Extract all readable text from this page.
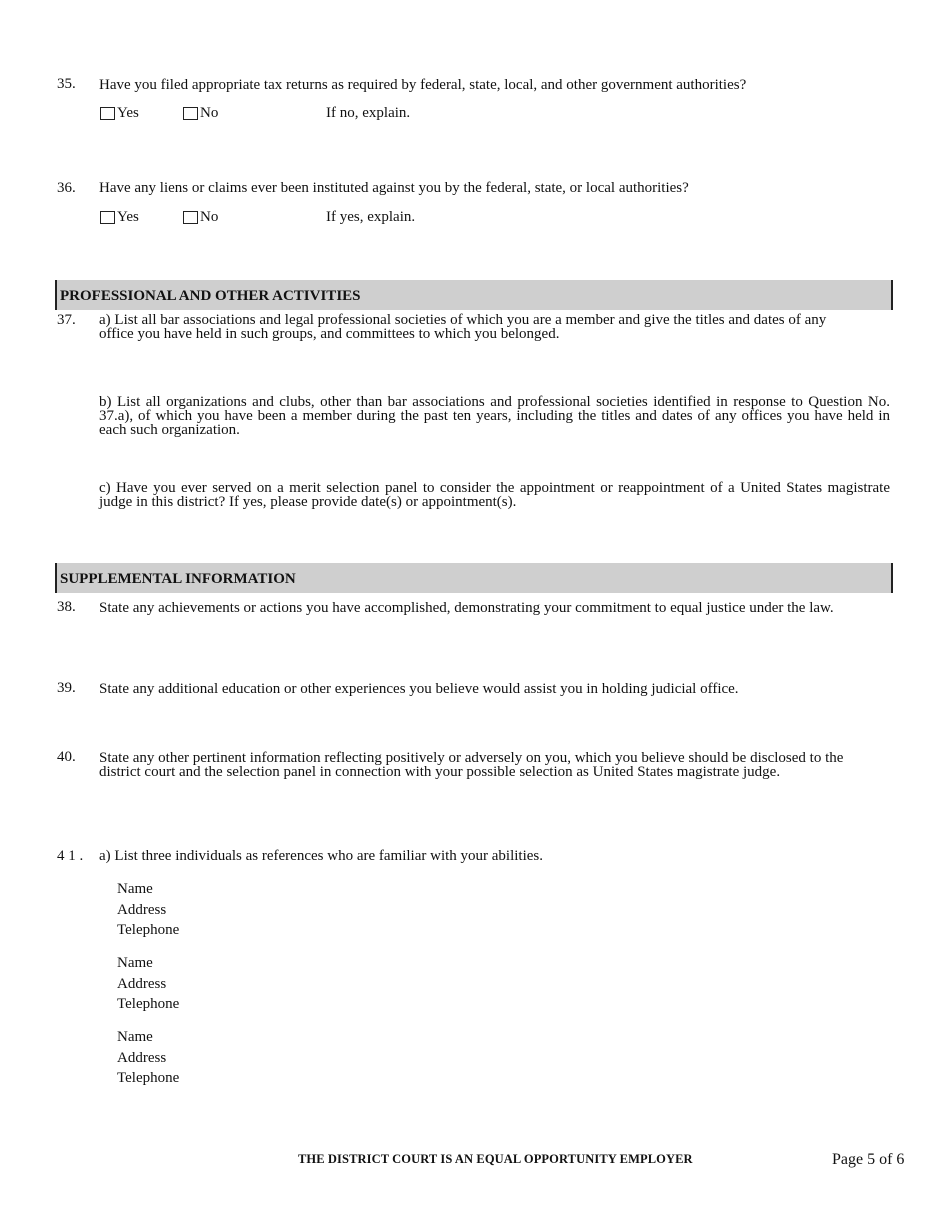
35. Have you filed appropriate tax returns as required by federal, state, local, and other government authorities?
Yes	No	If no, explain.
36. Have any liens or claims ever been instituted against you by the federal, state, or local authorities?
Yes	No	If yes, explain.
PROFESSIONAL AND OTHER ACTIVITIES
37. a) List all bar associations and legal professional societies of which you are a member and give the titles and dates of any office you have held in such groups, and committees to which you belonged.
b) List all organizations and clubs, other than bar associations and professional societies identified in response to Question No. 37.a), of which you have been a member during the past ten years, including the titles and dates of any offices you have held in each such organization.
c) Have you ever served on a merit selection panel to consider the appointment or reappointment of a United States magistrate judge in this district? If yes, please provide date(s) or appointment(s).
SUPPLEMENTAL INFORMATION
38. State any achievements or actions you have accomplished, demonstrating your commitment to equal justice under the law.
39. State any additional education or other experiences you believe would assist you in holding judicial office.
40. State any other pertinent information reflecting positively or adversely on you, which you believe should be disclosed to the district court and the selection panel in connection with your possible selection as United States magistrate judge.
4 1 . a) List three individuals as references who are familiar with your abilities.
Name
Address
Telephone
Name
Address
Telephone
Name
Address
Telephone
THE DISTRICT COURT IS AN EQUAL OPPORTUNITY EMPLOYER	Page 5 of 6
